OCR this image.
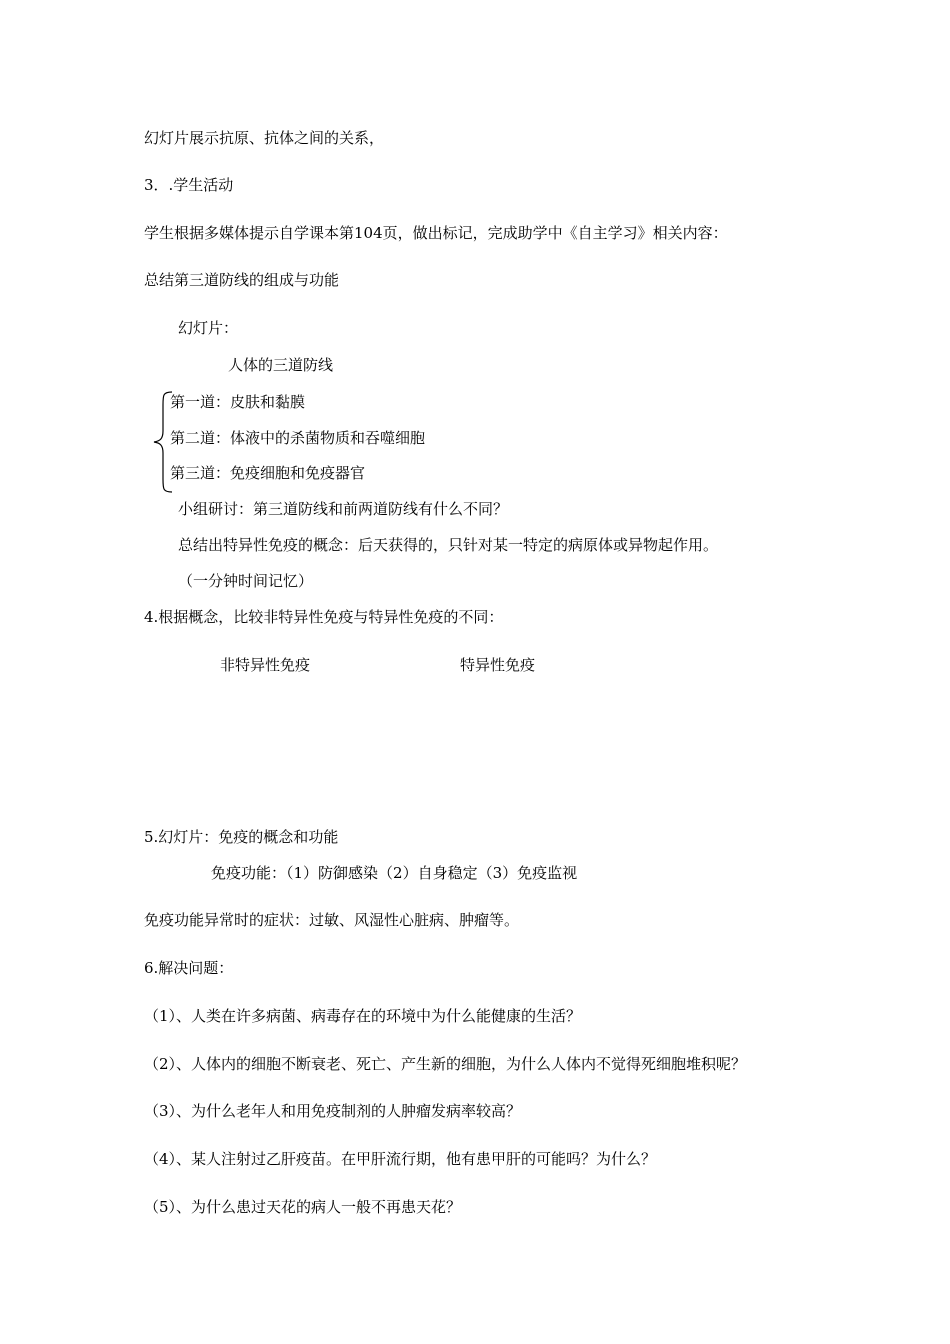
幻灯片展示抗原、抗体之间的关系，
3．.学生活动
学生根据多媒体提示自学课本第104页，做出标记，完成助学中《自主学习》相关内容：
总结第三道防线的组成与功能
幻灯片：
人体的三道防线
第一道：皮肤和黏膜
第二道：体液中的杀菌物质和吞噬细胞
第三道：免疫细胞和免疫器官
小组研讨：第三道防线和前两道防线有什么不同？
总结出特异性免疫的概念：后天获得的，只针对某一特定的病原体或异物起作用。
（一分钟时间记忆）
4.根据概念，比较非特异性免疫与特异性免疫的不同：
非特异性免疫	特异性免疫
5.幻灯片：免疫的概念和功能
免疫功能：（1）防御感染（2）自身稳定（3）免疫监视
免疫功能异常时的症状：过敏、风湿性心脏病、肿瘤等。
6.解决问题：
（1）、人类在许多病菌、病毒存在的环境中为什么能健康的生活？
（2）、人体内的细胞不断衰老、死亡、产生新的细胞，为什么人体内不觉得死细胞堆积呢？
（3）、为什么老年人和用免疫制剂的人肿瘤发病率较高？
（4）、某人注射过乙肝疫苗。在甲肝流行期，他有患甲肝的可能吗？为什么？
（5）、为什么患过天花的病人一般不再患天花？
